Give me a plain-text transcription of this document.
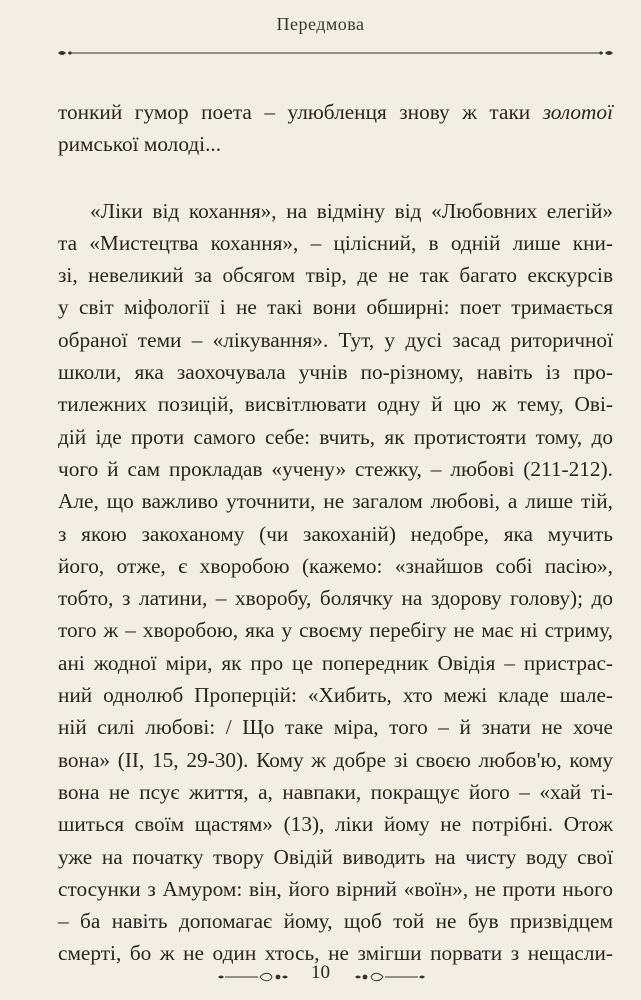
Передмова
тонкий гумор поета – улюбленця знову ж таки золотої
римської молоді...
«Ліки від кохання», на відміну від «Любовних елегій»
та «Мистецтва кохання», – цілісний, в одній лише кни-
зі, невеликий за обсягом твір, де не так багато екскурсів
у світ міфології і не такі вони обширні: поет тримається
обраної теми – «лікування». Тут, у дусі засад риторичної
школи, яка заохочувала учнів по-різному, навіть із про-
тилежних позицій, висвітлювати одну й цю ж тему, Ові-
дій іде проти самого себе: вчить, як протистояти тому, до
чого й сам прокладав «учену» стежку, – любові (211-212).
Але, що важливо уточнити, не загалом любові, а лише тій,
з якою закоханому (чи закоханій) недобре, яка мучить
його, отже, є хворобою (кажемо: «знайшов собі пасію»,
тобто, з латини, – хворобу, болячку на здорову голову); до
того ж – хворобою, яка у своєму перебігу не має ні стриму,
ані жодної міри, як про це попередник Овідія – пристрас-
ний однолюб Проперцій: «Хибить, хто межі кладе шале-
ній силі любові: / Що таке міра, того – й знати не хоче
вона» (II, 15, 29-30). Кому ж добре зі своєю любов'ю, кому
вона не псує життя, а, навпаки, покращує його – «хай ті-
шиться своїм щастям» (13), ліки йому не потрібні. Отож
уже на початку твору Овідій виводить на чисту воду свої
стосунки з Амуром: він, його вірний «воїн», не проти нього
– ба навіть допомагає йому, щоб той не був призвідцем
смерті, бо ж не один хтось, не змігши порвати з нещасли-
10
